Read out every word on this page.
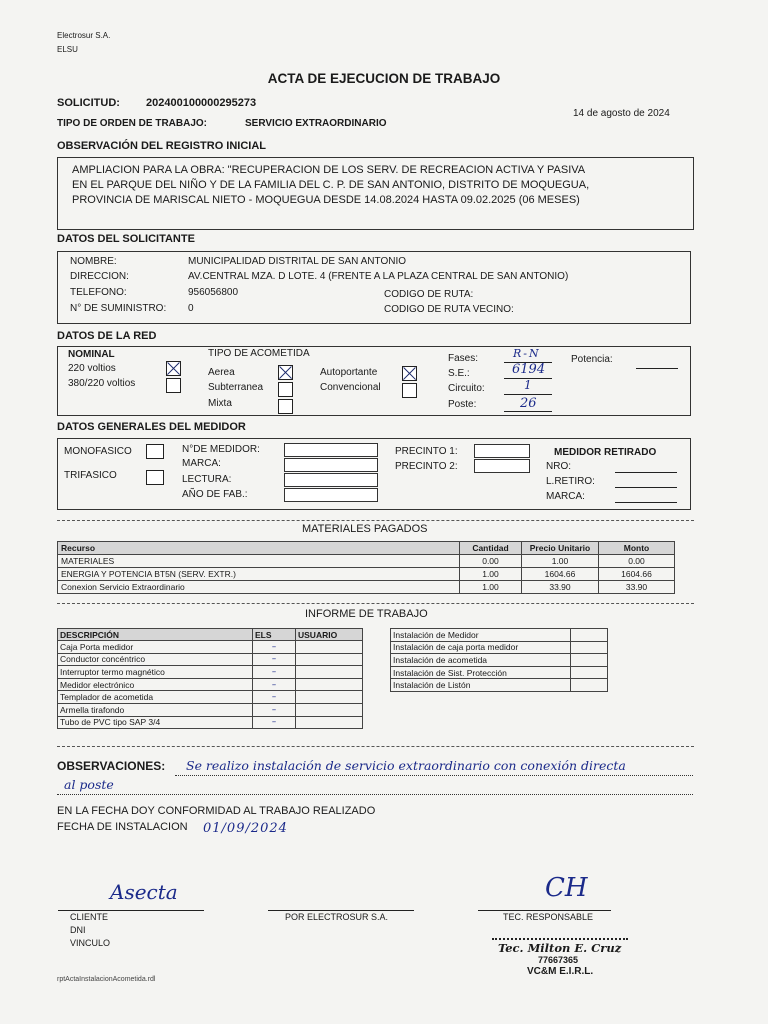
Electrosur S.A.
ELSU
ACTA DE EJECUCION DE TRABAJO
SOLICITUD: 202400100000295273
14 de agosto de 2024
TIPO DE ORDEN DE TRABAJO:	SERVICIO EXTRAORDINARIO
OBSERVACIÓN DEL REGISTRO INICIAL
AMPLIACION PARA LA OBRA: "RECUPERACION DE LOS SERV. DE RECREACION ACTIVA Y PASIVA
EN EL PARQUE DEL NIÑO Y DE LA FAMILIA DEL C. P. DE SAN ANTONIO, DISTRITO DE MOQUEGUA,
PROVINCIA DE MARISCAL NIETO - MOQUEGUA DESDE 14.08.2024 HASTA 09.02.2025 (06 MESES)
DATOS DEL SOLICITANTE
NOMBRE:	MUNICIPALIDAD DISTRITAL DE SAN ANTONIO
DIRECCION:	AV.CENTRAL MZA. D LOTE. 4 (FRENTE A LA PLAZA CENTRAL DE SAN ANTONIO)
TELEFONO:	956056800	CODIGO DE RUTA:
N° DE SUMINISTRO: 0	CODIGO DE RUTA VECINO:
DATOS DE LA RED
NOMINAL
220 voltios
380/220 voltios
TIPO DE ACOMETIDA
Aerea
Subterranea
Mixta
Autoportante
Convencional
Fases:	R-N
S.E.:	6194
Circuito:	1
Poste:	26
Potencia:
DATOS GENERALES DEL MEDIDOR
MONOFASICO
TRIFASICO
N°DE MEDIDOR:
MARCA:
LECTURA:
AÑO DE FAB.:
PRECINTO 1:
PRECINTO 2:
MEDIDOR RETIRADO
NRO:
L.RETIRO:
MARCA:
MATERIALES PAGADOS
Recurso	Cantidad	Precio Unitario	Monto
MATERIALES	0.00	1.00	0.00
ENERGIA Y POTENCIA BT5N (SERV. EXTR.)	1.00	1604.66	1604.66
Conexion Servicio Extraordinario	1.00	33.90	33.90
INFORME DE TRABAJO
DESCRIPCIÓN	ELS	USUARIO
Caja Porta medidor	–	
Conductor concéntrico	–	
Interruptor termo magnético	–	
Medidor electrónico	–	
Templador de acometida	–	
Armella tirafondo	–	
Tubo de PVC tipo SAP 3/4	–	
Instalación de Medidor	
Instalación de caja porta medidor	
Instalación de acometida	
Instalación de Sist. Protección	
Instalación de Listón	
OBSERVACIONES: Se realizo instalación de servicio extraordinario con conexión directa
al poste
EN LA FECHA DOY CONFORMIDAD AL TRABAJO REALIZADO
FECHA DE INSTALACION 01/09/2024
Asecta
CLIENTE
DNI
VINCULO
POR ELECTROSUR S.A.
CH
TEC. RESPONSABLE
Tec. Milton E. Cruz
77667365
VC&M E.I.R.L.
rptActaInstalacionAcometida.rdl
